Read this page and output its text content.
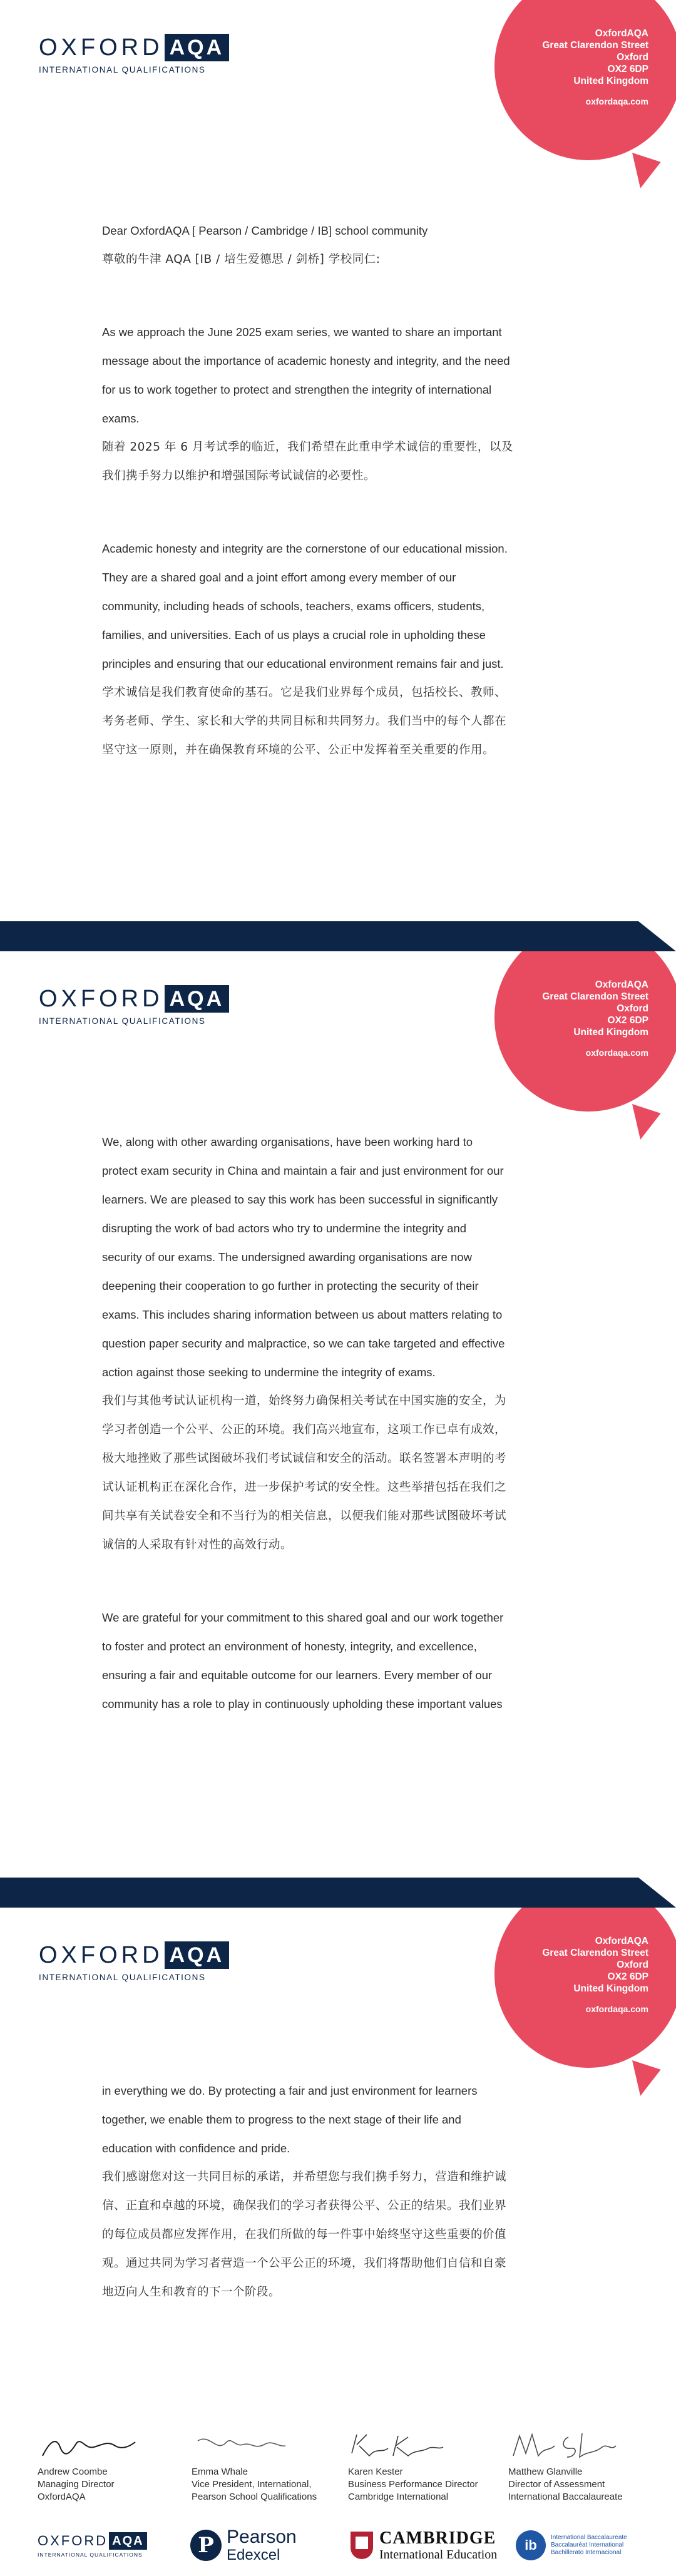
OxfordAQA
Great Clarendon Street
Oxford
OX2 6DP
United Kingdom
oxfordaqa.com
OXFORD AQA
INTERNATIONAL QUALIFICATIONS

Dear OxfordAQA [ Pearson / Cambridge / IB] school community

尊敬的牛津 AQA [IB / 培生爱德思 / 剑桥] 学校同仁:

As we approach the June 2025 exam series, we wanted to share an important

message about the importance of academic honesty and integrity, and the need

for us to work together to protect and strengthen the integrity of international

exams.

随着 2025 年 6 月考试季的临近，我们希望在此重申学术诚信的重要性，以及

我们携手努力以维护和增强国际考试诚信的必要性。

Academic honesty and integrity are the cornerstone of our educational mission.

They are a shared goal and a joint effort among every member of our

community, including heads of schools, teachers, exams officers, students,

families, and universities. Each of us plays a crucial role in upholding these

principles and ensuring that our educational environment remains fair and just.

学术诚信是我们教育使命的基石。它是我们业界每个成员，包括校长、教师、

考务老师、学生、家长和大学的共同目标和共同努力。我们当中的每个人都在

坚守这一原则，并在确保教育环境的公平、公正中发挥着至关重要的作用。

OxfordAQA
Great Clarendon Street
Oxford
OX2 6DP
United Kingdom
oxfordaqa.com
OXFORD AQA
INTERNATIONAL QUALIFICATIONS

We, along with other awarding organisations, have been working hard to

protect exam security in China and maintain a fair and just environment for our

learners. We are pleased to say this work has been successful in significantly

disrupting the work of bad actors who try to undermine the integrity and

security of our exams. The undersigned awarding organisations are now

deepening their cooperation to go further in protecting the security of their

exams. This includes sharing information between us about matters relating to

question paper security and malpractice, so we can take targeted and effective

action against those seeking to undermine the integrity of exams.

我们与其他考试认证机构一道，始终努力确保相关考试在中国实施的安全，为

学习者创造一个公平、公正的环境。我们高兴地宣布，这项工作已卓有成效，

极大地挫败了那些试图破坏我们考试诚信和安全的活动。联名签署本声明的考

试认证机构正在深化合作，进一步保护考试的安全性。这些举措包括在我们之

间共享有关试卷安全和不当行为的相关信息，以便我们能对那些试图破坏考试

诚信的人采取有针对性的高效行动。

We are grateful for your commitment to this shared goal and our work together

to foster and protect an environment of honesty, integrity, and excellence,

ensuring a fair and equitable outcome for our learners. Every member of our

community has a role to play in continuously upholding these important values

OxfordAQA
Great Clarendon Street
Oxford
OX2 6DP
United Kingdom
oxfordaqa.com
OXFORD AQA
INTERNATIONAL QUALIFICATIONS

in everything we do. By protecting a fair and just environment for learners

together, we enable them to progress to the next stage of their life and

education with confidence and pride.

我们感谢您对这一共同目标的承诺，并希望您与我们携手努力，营造和维护诚

信、正直和卓越的环境，确保我们的学习者获得公平、公正的结果。我们业界

的每位成员都应发挥作用，在我们所做的每一件事中始终坚守这些重要的价值

观。通过共同为学习者营造一个公平公正的环境，我们将帮助他们自信和自豪

地迈向人生和教育的下一个阶段。

Andrew Coombe
Managing Director
OxfordAQA
Emma Whale
Vice President, International,
Pearson School Qualifications
Karen Kester
Business Performance Director
Cambridge International
Matthew Glanville
Director of Assessment
International Baccalaureate
OXFORD AQA
INTERNATIONAL QUALIFICATIONS	P Pearson
Edexcel
CAMBRIDGE
International Education
ib	International Baccalaureate
Baccalauréat International
Bachillerato Internacional
